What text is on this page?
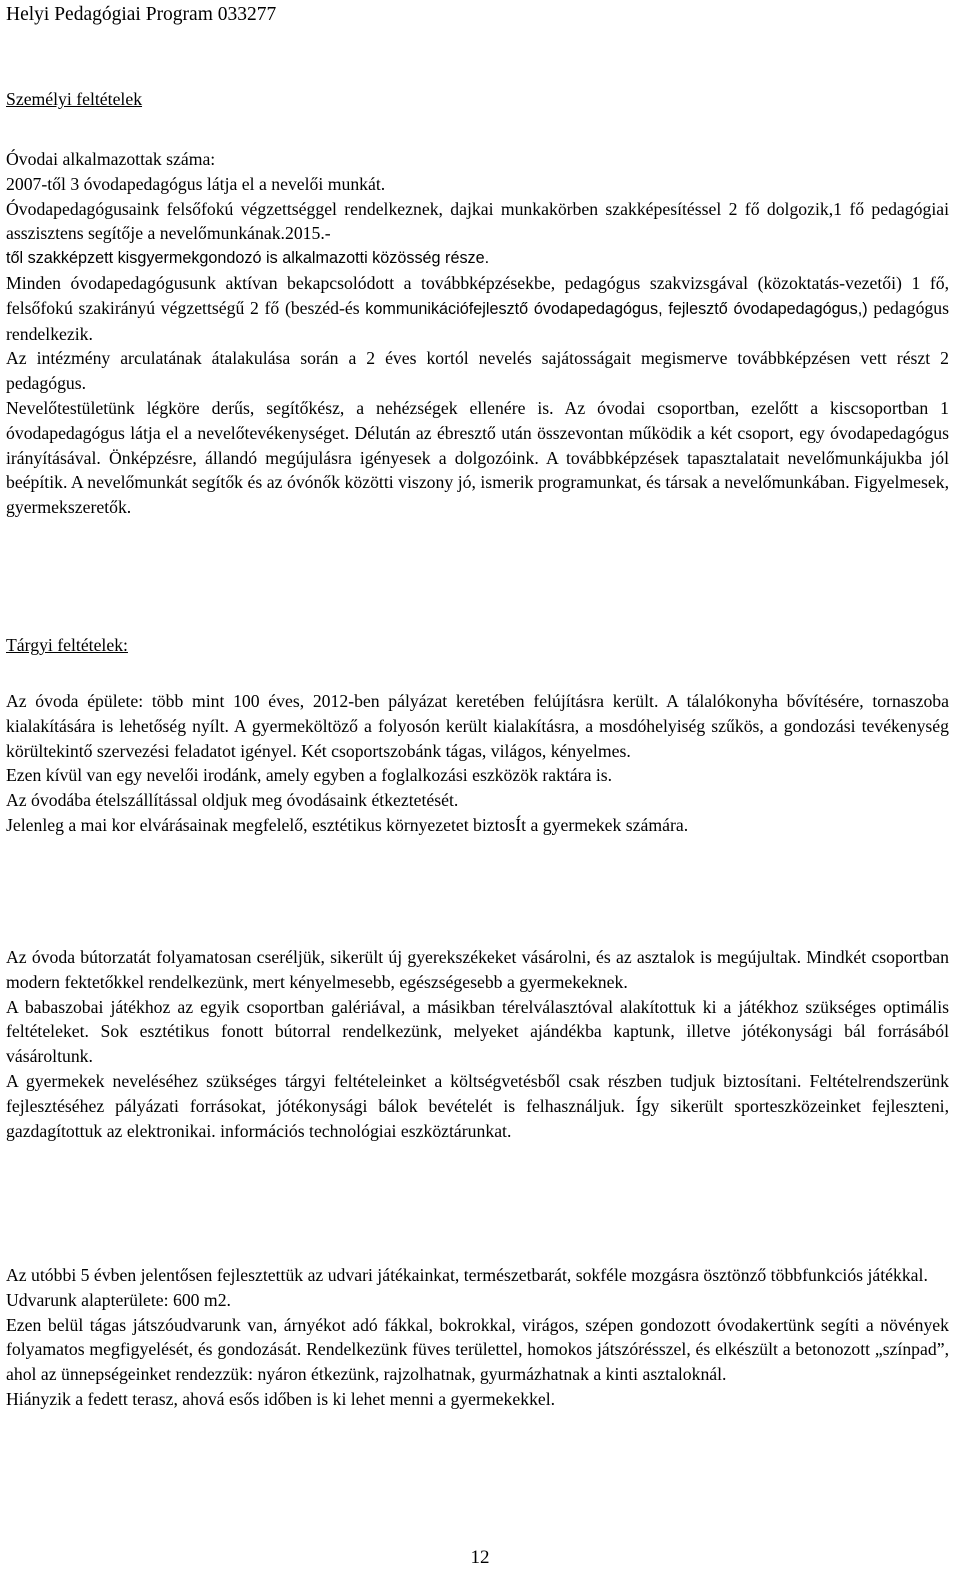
Helyi Pedagógiai Program 033277

Személyi feltételek

Óvodai alkalmazottak száma:

2007-től 3 óvodapedagógus látja el a nevelői munkát.

Óvodapedagógusaink felsőfokú végzettséggel rendelkeznek, dajkai munkakörben szakképesítéssel 2 fő dolgozik,1 fő pedagógiai asszisztens segítője a nevelőmunkának.2015.-

től szakképzett kisgyermekgondozó is alkalmazotti közösség része.

Minden óvodapedagógusunk aktívan bekapcsolódott a továbbképzésekbe, pedagógus szakvizsgával (közoktatás-vezetői) 1 fő, felsőfokú szakirányú végzettségű 2 fő (beszéd-és kommunikációfejlesztő óvodapedagógus, fejlesztő óvodapedagógus,) pedagógus rendelkezik.

Az intézmény arculatának átalakulása során a 2 éves kortól nevelés sajátosságait megismerve továbbképzésen vett részt 2 pedagógus.

Nevelőtestületünk légköre derűs, segítőkész, a nehézségek ellenére is. Az óvodai csoportban, ezelőtt a kiscsoportban 1 óvodapedagógus látja el a nevelőtevékenységet. Délután az ébresztő után összevontan működik a két csoport, egy óvodapedagógus irányításával. Önképzésre, állandó megújulásra igényesek a dolgozóink. A továbbképzések tapasztalatait nevelőmunkájukba jól beépítik. A nevelőmunkát segítők és az óvónők közötti viszony jó, ismerik programunkat, és társak a nevelőmunkában. Figyelmesek, gyermekszeretők.

Tárgyi feltételek:

Az óvoda épülete: több mint 100 éves, 2012-ben pályázat keretében felújításra került. A tálalókonyha bővítésére, tornaszoba kialakítására is lehetőség nyílt. A gyermeköltöző a folyosón került kialakításra, a mosdóhelyiség szűkös, a gondozási tevékenység körültekintő szervezési feladatot igényel. Két csoportszobánk tágas, világos, kényelmes.

Ezen kívül van egy nevelői irodánk, amely egyben a foglalkozási eszközök raktára is.

Az óvodába ételszállítással oldjuk meg óvodásaink étkeztetését.

Jelenleg a mai kor elvárásainak megfelelő, esztétikus környezetet biztosÍt a gyermekek számára.

Az óvoda bútorzatát folyamatosan cseréljük, sikerült új gyerekszékeket vásárolni, és az asztalok is megújultak. Mindkét csoportban modern fektetőkkel rendelkezünk, mert kényelmesebb, egészségesebb a gyermekeknek.

A babaszobai játékhoz az egyik csoportban galériával, a másikban térelválasztóval alakítottuk ki a játékhoz szükséges optimális feltételeket. Sok esztétikus fonott bútorral rendelkezünk, melyeket ajándékba kaptunk, illetve jótékonysági bál forrásából vásároltunk.

A gyermekek neveléséhez szükséges tárgyi feltételeinket a költségvetésből csak részben tudjuk biztosítani. Feltételrendszerünk fejlesztéséhez pályázati forrásokat, jótékonysági bálok bevételét is felhasználjuk. Így sikerült sporteszközeinket fejleszteni, gazdagítottuk az elektronikai. információs technológiai eszköztárunkat.

Az utóbbi 5 évben jelentősen fejlesztettük az udvari játékainkat, természetbarát, sokféle mozgásra ösztönző többfunkciós játékkal.

Udvarunk alapterülete: 600 m2.

Ezen belül tágas játszóudvarunk van, árnyékot adó fákkal, bokrokkal, virágos, szépen gondozott óvodakertünk segíti a növények folyamatos megfigyelését, és gondozását. Rendelkezünk füves területtel, homokos játszórésszel, és elkészült a betonozott „színpad”, ahol az ünnepségeinket rendezzük: nyáron étkezünk, rajzolhatnak, gyurmázhatnak a kinti asztaloknál.

Hiányzik a fedett terasz, ahová esős időben is ki lehet menni a gyermekekkel.

12
